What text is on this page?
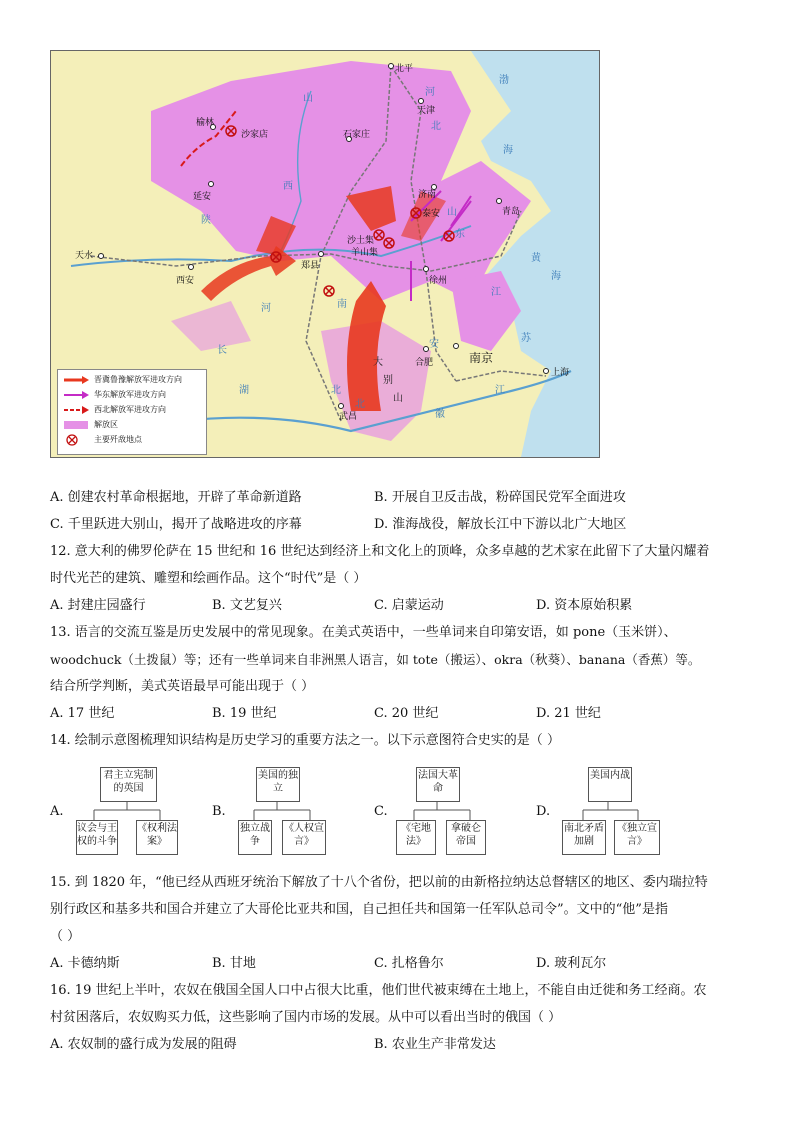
北平
天津
榆林
沙家店	石家庄
延安	济南
泰安	青岛
天水
西安
郑县
沙土集
羊山集
徐州
南京
合肥
上海
武昌
河
北
渤
海
山
西
陕
河	南
山
东
黄
海
江
苏
安
徽
湖	北
大
别
山
北
长
江
晋冀鲁豫解放军进攻方向
华东解放军进攻方向
西北解放军进攻方向
解放区
主要歼敌地点
A. 创建农村革命根据地，开辟了革命新道路	B. 开展自卫反击战，粉碎国民党军全面进攻
C. 千里跃进大别山，揭开了战略进攻的序幕	D. 淮海战役，解放长江中下游以北广大地区
12. 意大利的佛罗伦萨在 15 世纪和 16 世纪达到经济上和文化上的顶峰，众多卓越的艺术家在此留下了大量闪耀着
时代光芒的建筑、雕塑和绘画作品。这个“时代”是（ ）
A. 封建庄园盛行	B. 文艺复兴	C. 启蒙运动	D. 资本原始积累
13. 语言的交流互鉴是历史发展中的常见现象。在美式英语中，一些单词来自印第安语，如 pone（玉米饼）、
woodchuck（土拨鼠）等；还有一些单词来自非洲黑人语言，如 tote（搬运）、okra（秋葵）、banana（香蕉）等。
结合所学判断，美式英语最早可能出现于（ ）
A. 17 世纪	B. 19 世纪	C. 20 世纪	D. 21 世纪
14. 绘制示意图梳理知识结构是历史学习的重要方法之一。以下示意图符合史实的是（ ）
A.
君主立宪制的英国
议会与王权的斗争
《权利法案》
B.
美国的独立
独立战争
《人权宣言》
C.
法国大革命
《宅地法》
拿破仑帝国
D.
美国内战
南北矛盾加剧
《独立宣言》
15. 到 1820 年，“他已经从西班牙统治下解放了十八个省份，把以前的由新格拉纳达总督辖区的地区、委内瑞拉特
别行政区和基多共和国合并建立了大哥伦比亚共和国，自己担任共和国第一任军队总司令”。文中的“他”是指
（ ）
A. 卡德纳斯	B. 甘地	C. 扎格鲁尔	D. 玻利瓦尔
16. 19 世纪上半叶，农奴在俄国全国人口中占很大比重，他们世代被束缚在土地上，不能自由迁徙和务工经商。农
村贫困落后，农奴购买力低，这些影响了国内市场的发展。从中可以看出当时的俄国（ ）
A. 农奴制的盛行成为发展的阻碍	B. 农业生产非常发达
